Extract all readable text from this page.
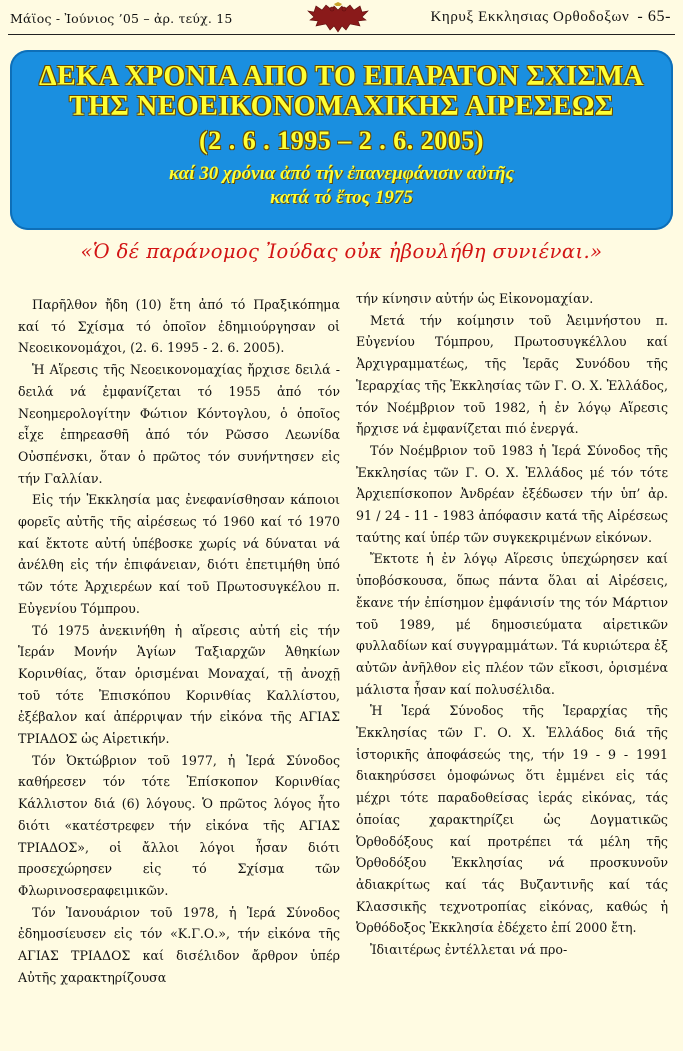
Μάϊος - Ἰούνιος ’05 – ἀρ. τεύχ. 15	Κηρυξ Εκκλησιας Ορθοδοξων - 65-
ΔΕΚΑ ΧΡΟΝΙΑ ΑΠΟ ΤΟ ΕΠΑΡΑΤΟΝ ΣΧΙΣΜΑ
ΤΗΣ ΝΕΟΕΙΚΟΝΟΜΑΧΙΚΗΣ ΑΙΡΕΣΕΩΣ
(2 . 6 . 1995 – 2 . 6. 2005)
καί 30 χρόνια ἀπό τήν ἐπανεμφάνισιν αὐτῆς
κατά τό ἔτος 1975
«Ὁ δέ παράνομος Ἰούδας οὐκ ἠβουλήθη συνιέναι.»

Παρῆλθον ἤδη (10) ἔτη ἀπό τό Πραξικόπημα καί τό Σχίσμα τό ὁποῖον ἐδημιούργησαν οἱ Νεοεικονομάχοι, (2. 6. 1995 - 2. 6. 2005).

Ἡ Αἵρεσις τῆς Νεοεικονομαχίας ἤρχισε δειλά - δειλά νά ἐμφανίζεται τό 1955 ἀπό τόν Νεοημερολογίτην Φώτιον Κόντογλου, ὁ ὁποῖος εἶχε ἐπηρεασθῆ ἀπό τόν Ρῶσσο Λεωνίδα Οὐσπένσκι, ὅταν ὁ πρῶτος τόν συνήντησεν εἰς τήν Γαλλίαν.

Εἰς τήν Ἐκκλησία μας ἐνεφανίσθησαν κάποιοι φορεῖς αὐτῆς τῆς αἱρέσεως τό 1960 καί τό 1970 καί ἔκτοτε αὐτή ὑπέβοσκε χωρίς νά δύναται νά ἀνέλθη εἰς τήν ἐπιφάνειαν, διότι ἐπετιμήθη ὑπό τῶν τότε Ἀρχιερέων καί τοῦ Πρωτοσυγκέλου π. Εὐγενίου Τόμπρου.

Τό 1975 ἀνεκινήθη ἡ αἵρεσις αὐτή εἰς τήν Ἱεράν Μονήν Ἁγίων Ταξιαρχῶν Ἀθηκίων Κορινθίας, ὅταν ὁρισμέναι Μοναχαί, τῇ ἀνοχῇ τοῦ τότε Ἐπισκόπου Κορινθίας Καλλίστου, ἐξέβαλον καί ἀπέρριψαν τήν εἰκόνα τῆς ΑΓΙΑΣ ΤΡΙΑΔΟΣ ὡς Αἱρετικήν.

Τόν Ὀκτώβριον τοῦ 1977, ἡ Ἱερά Σύνοδος καθήρεσεν τόν τότε Ἐπίσκοπον Κορινθίας Κάλλιστον διά (6) λόγους. Ὁ πρῶτος λόγος ἦτο διότι «κατέστρεφεν τήν εἰκόνα τῆς ΑΓΙΑΣ ΤΡΙΑΔΟΣ», οἱ ἄλλοι λόγοι ἦσαν διότι προσεχώρησεν εἰς τό Σχίσμα τῶν Φλωρινοσεραφειμικῶν.

Τόν Ἰανουάριον τοῦ 1978, ἡ Ἱερά Σύνοδος ἐδημοσίευσεν εἰς τόν «Κ.Γ.Ο.», τήν εἰκόνα τῆς ΑΓΙΑΣ ΤΡΙΑΔΟΣ καί δισέλιδον ἄρθρον ὑπέρ Αὐτῆς χαρακτηρίζουσα

τήν κίνησιν αὐτήν ὡς Εἰκονομαχίαν.

Μετά τήν κοίμησιν τοῦ Ἀειμνήστου π. Εὐγενίου Τόμπρου, Πρωτοσυγκέλλου καί Ἀρχιγραμματέως, τῆς Ἱερᾶς Συνόδου τῆς Ἱεραρχίας τῆς Ἐκκλησίας τῶν Γ. Ο. Χ. Ἑλλάδος, τόν Νοέμβριον τοῦ 1982, ἡ ἐν λόγῳ Αἵρεσις ἤρχισε νά ἐμφανίζεται πιό ἐνεργά.

Τόν Νοέμβριον τοῦ 1983 ἡ Ἱερά Σύνοδος τῆς Ἐκκλησίας τῶν Γ. Ο. Χ. Ἑλλάδος μέ τόν τότε Ἀρχιεπίσκοπον Ἀνδρέαν ἐξέδωσεν τήν ὑπ’ ἀρ. 91 / 24 - 11 - 1983 ἀπόφασιν κατά τῆς Αἱρέσεως ταύτης καί ὑπέρ τῶν συγκεκριμένων εἰκόνων.

Ἔκτοτε ἡ ἐν λόγῳ Αἵρεσις ὑπεχώρησεν καί ὑποβόσκουσα, ὅπως πάντα ὅλαι αἱ Αἱρέσεις, ἔκανε τήν ἐπίσημον ἐμφάνισίν της τόν Μάρτιον τοῦ 1989, μέ δημοσιεύματα αἱρετικῶν φυλλαδίων καί συγγραμμάτων. Τά κυριώτερα ἐξ αὐτῶν ἀνῆλθον εἰς πλέον τῶν εἴκοσι, ὁρισμένα μάλιστα ἦσαν καί πολυσέλιδα.

Ἡ Ἱερά Σύνοδος τῆς Ἱεραρχίας τῆς Ἐκκλησίας τῶν Γ. Ο. Χ. Ἑλλάδος διά τῆς ἱστορικῆς ἀποφάσεώς της, τήν 19 - 9 - 1991 διακηρύσσει ὁμοφώνως ὅτι ἐμμένει εἰς τάς μέχρι τότε παραδοθείσας ἱεράς εἰκόνας, τάς ὁποίας χαρακτηρίζει ὡς Δογματικῶς Ὀρθοδόξους καί προτρέπει τά μέλη τῆς Ὀρθοδόξου Ἐκκλησίας νά προσκυνοῦν ἀδιακρίτως καί τάς Βυζαντινῆς καί τάς Κλασσικῆς τεχνοτροπίας εἰκόνας, καθώς ἡ Ὀρθόδοξος Ἐκκλησία ἐδέχετο ἐπί 2000 ἔτη.

Ἰδιαιτέρως ἐντέλλεται νά προ-
